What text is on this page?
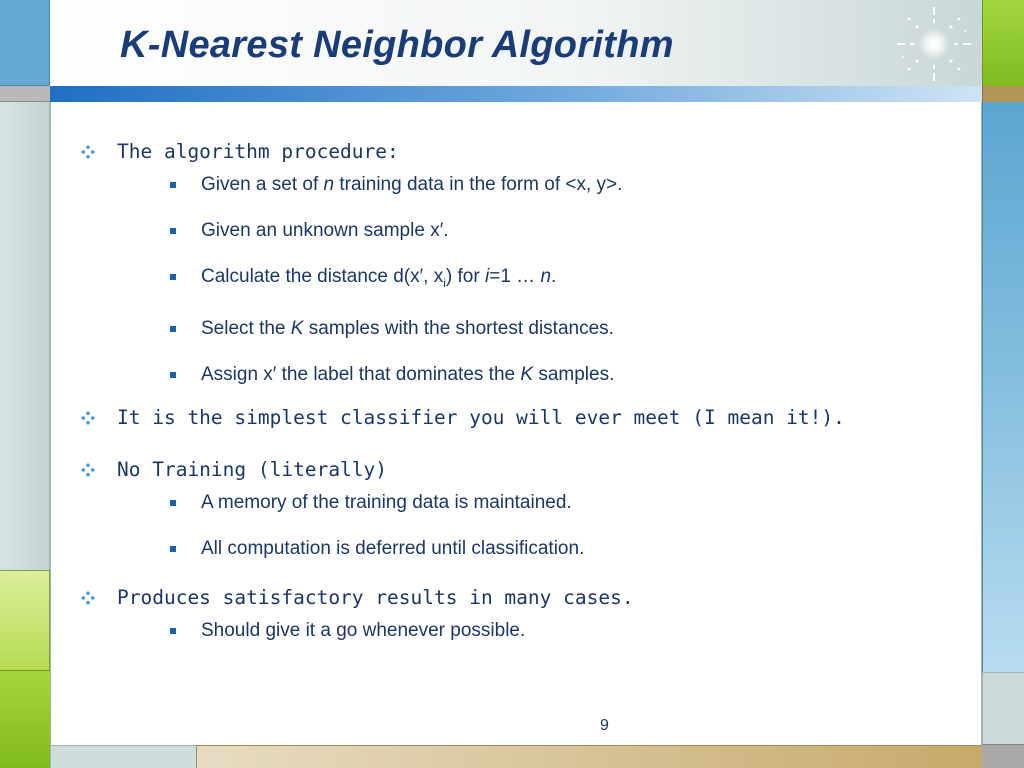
K-Nearest Neighbor Algorithm
The algorithm procedure:
Given a set of n training data in the form of <x, y>.
Given an unknown sample x′.
Calculate the distance d(x′, $x_i$) for i=1 … n.
Select the K samples with the shortest distances.
Assign x′ the label that dominates the K samples.
It is the simplest classifier you will ever meet (I mean it!).
No Training (literally)
A memory of the training data is maintained.
All computation is deferred until classification.
Produces satisfactory results in many cases.
Should give it a go whenever possible.
9
